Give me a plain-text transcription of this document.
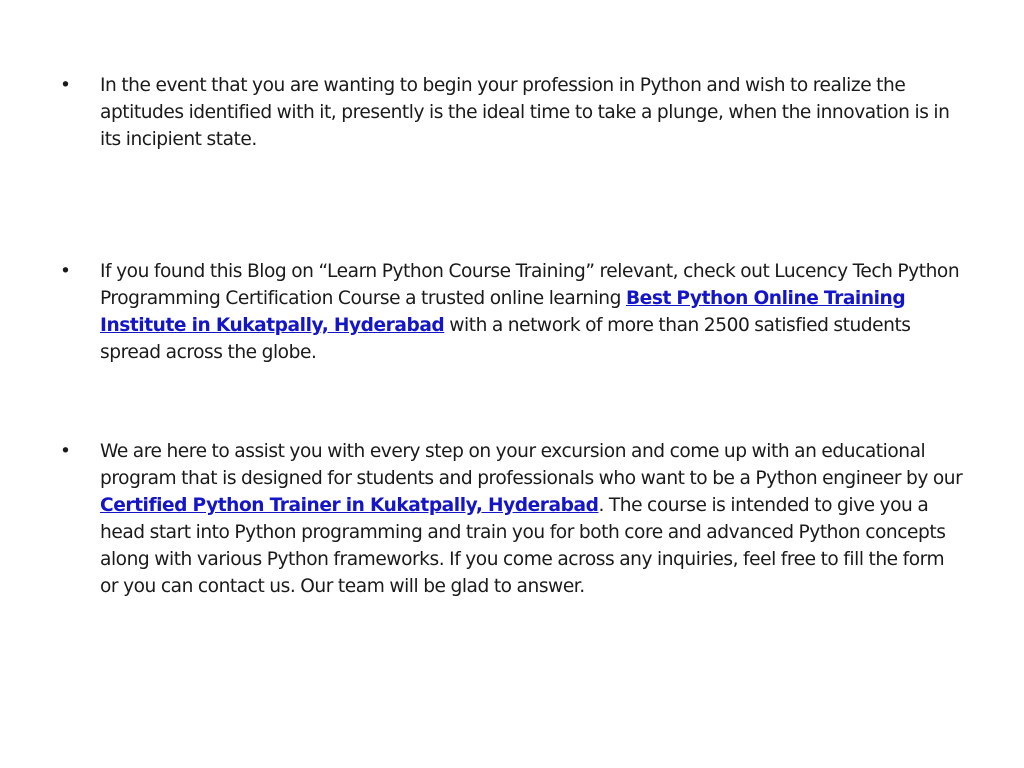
•	In the event that you are wanting to begin your profession in Python and wish to realize the aptitudes identified with it, presently is the ideal time to take a plunge, when the innovation is in its incipient state.
•	If you found this Blog on “Learn Python Course Training” relevant, check out Lucency Tech Python Programming Certification Course a trusted online learning Best Python Online Training Institute in Kukatpally, Hyderabad with a network of more than 2500 satisfied students spread across the globe.
•	We are here to assist you with every step on your excursion and come up with an educational program that is designed for students and professionals who want to be a Python engineer by our Certified Python Trainer in Kukatpally, Hyderabad. The course is intended to give you a head start into Python programming and train you for both core and advanced Python concepts along with various Python frameworks. If you come across any inquiries, feel free to fill the form or you can contact us. Our team will be glad to answer.
